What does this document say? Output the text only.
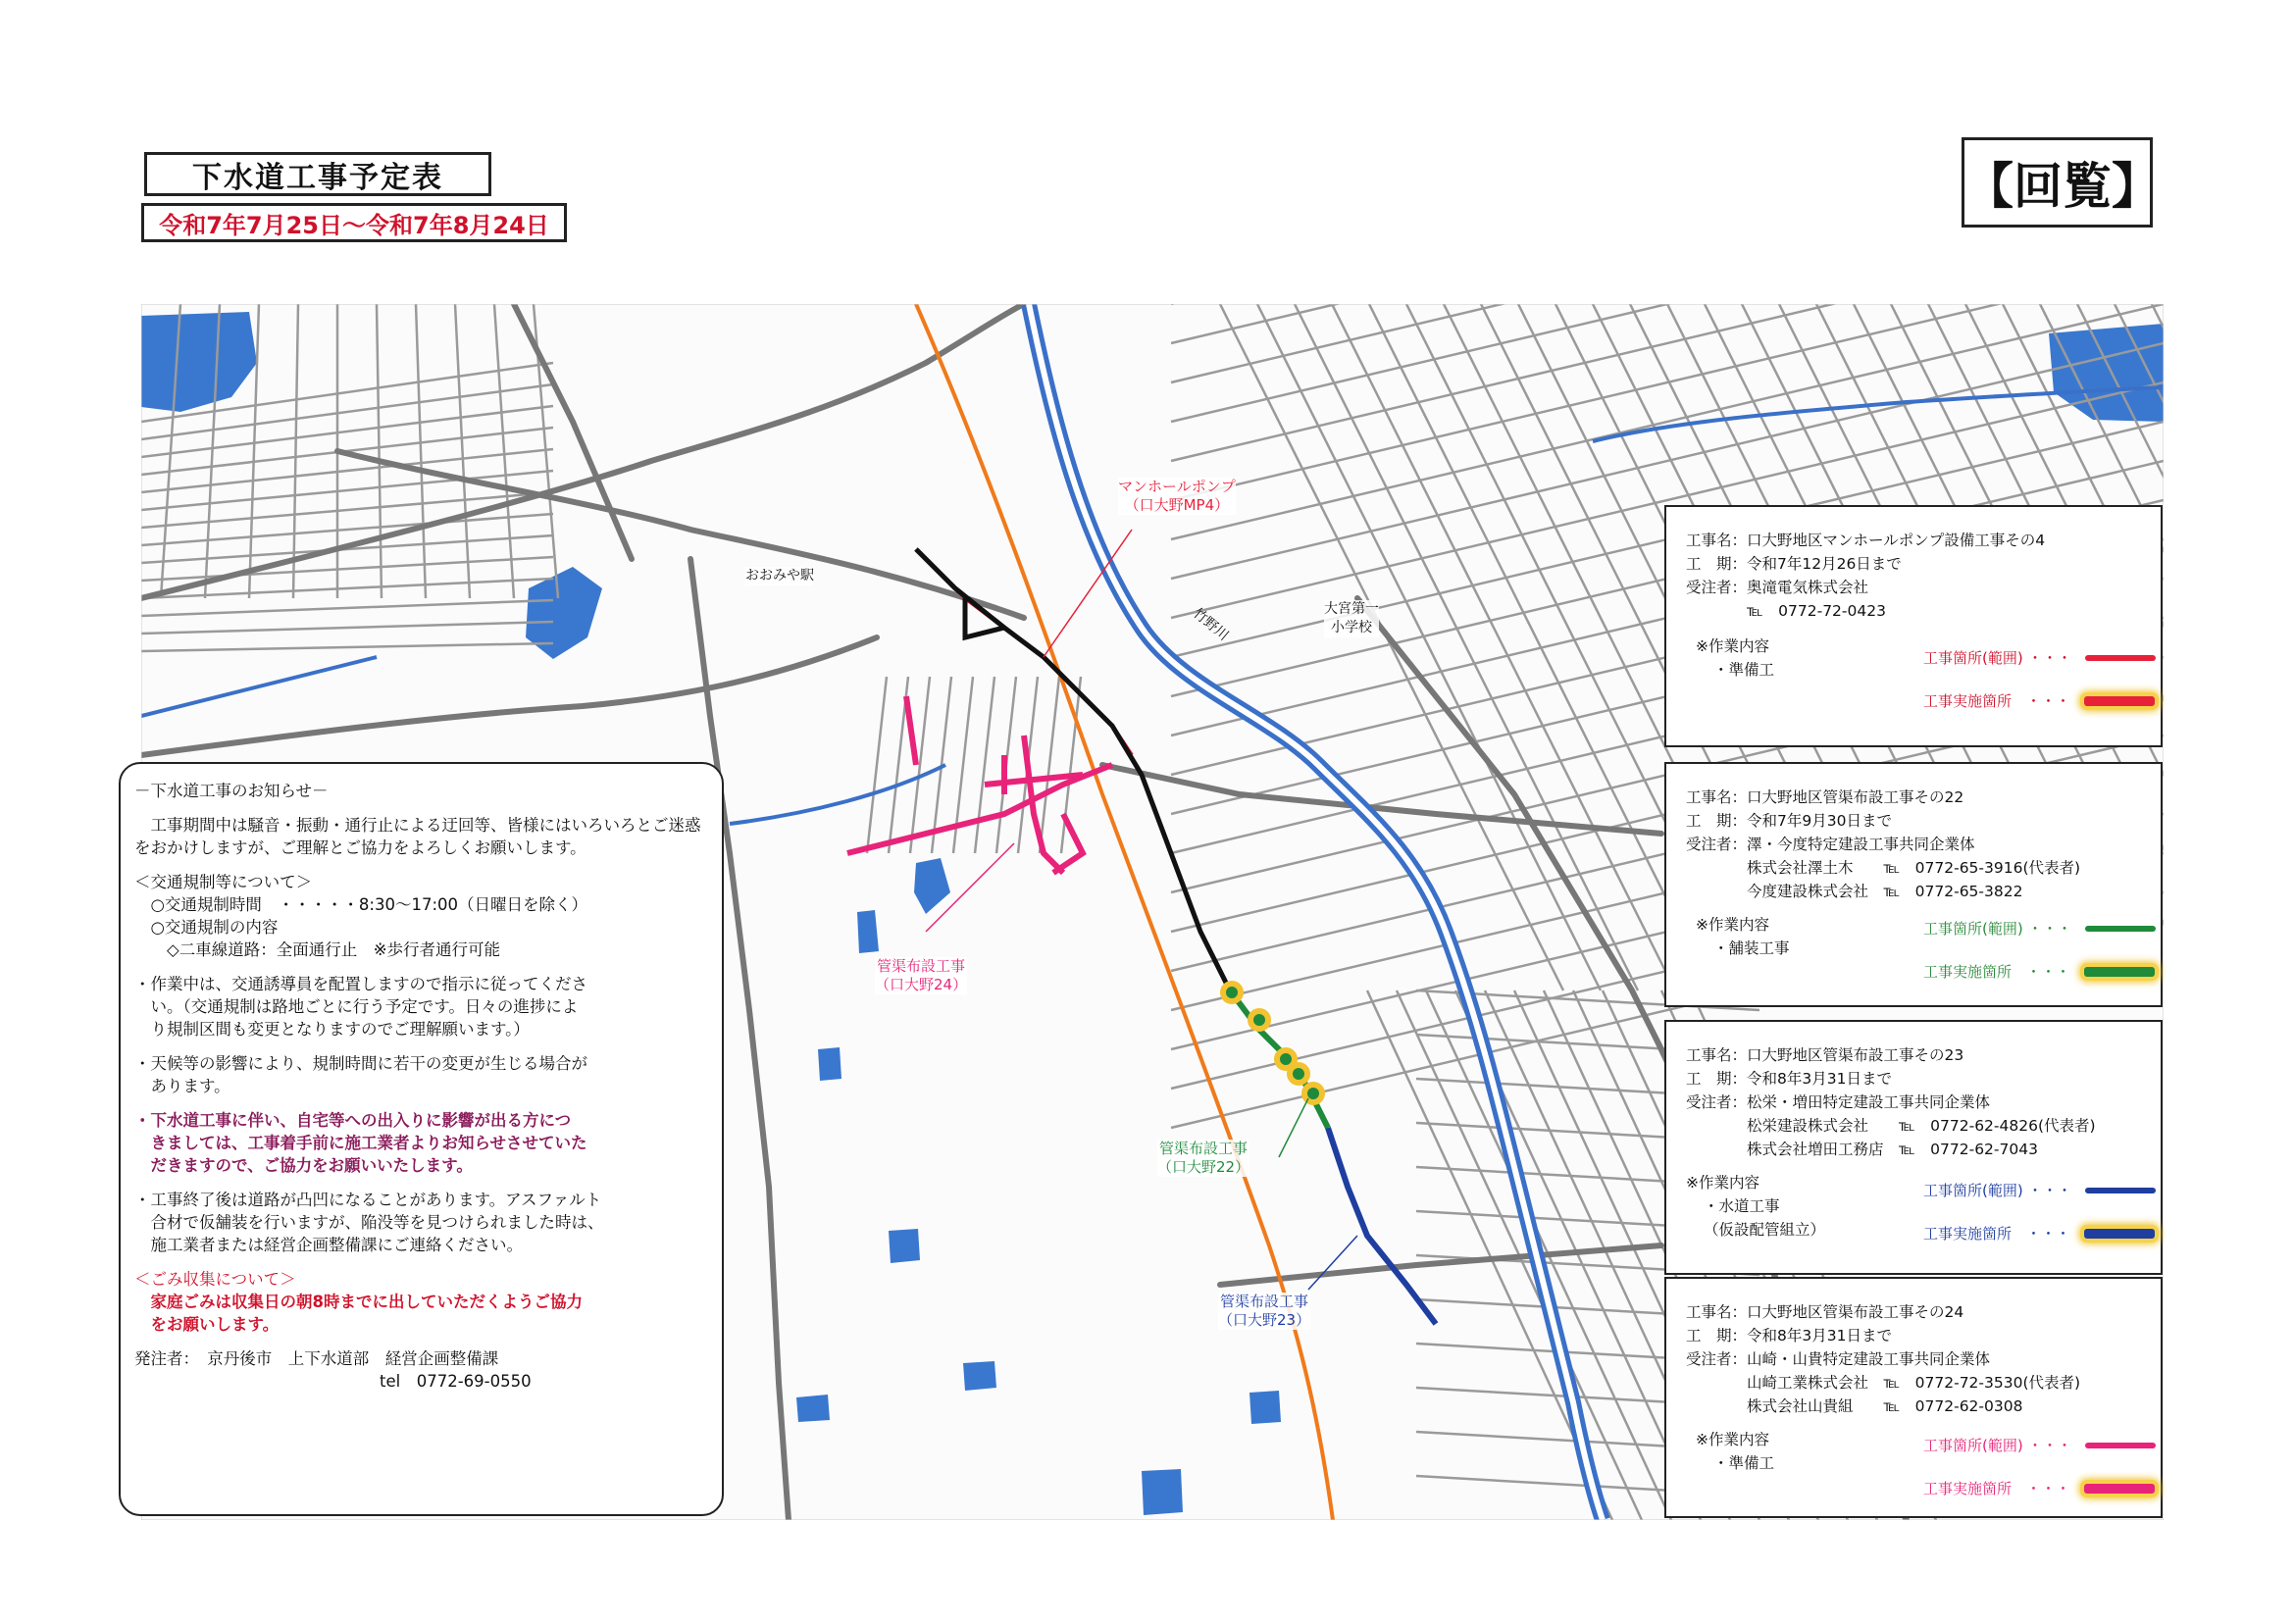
下水道工事予定表
令和7年7月25日～令和7年8月24日
【回覧】
おおみや駅
大宮第一
小学校
竹野川
マンホールポンプ
（口大野MP4）
管渠布設工事
（口大野24）
管渠布設工事
（口大野22）
管渠布設工事
（口大野23）

－下水道工事のお知らせ－

　工事期間中は騒音・振動・通行止による迂回等、皆様にはいろいろとご迷惑

をおかけしますが、ご理解とご協力をよろしくお願いします。

＜交通規制等について＞

　○交通規制時間　・・・・・8:30～17:00（日曜日を除く）

　○交通規制の内容

　　◇二車線道路：全面通行止　※歩行者通行可能

・作業中は、交通誘導員を配置しますので指示に従ってくださ

　い。（交通規制は路地ごとに行う予定です。日々の進捗によ

　り規制区間も変更となりますのでご理解願います。）

・天候等の影響により、規制時間に若干の変更が生じる場合が

　あります。

・下水道工事に伴い、自宅等への出入りに影響が出る方につ

　きましては、工事着手前に施工業者よりお知らせさせていた

　だきますので、ご協力をお願いいたします。

・工事終了後は道路が凸凹になることがあります。アスファルト

　合材で仮舗装を行いますが、陥没等を見つけられました時は、

　施工業者または経営企画整備課にご連絡ください。

＜ごみ収集について＞

　家庭ごみは収集日の朝8時までに出していただくようご協力

　をお願いします。

発注者：　京丹後市　上下水道部　経営企画整備課

tel　0772-69-0550

工事名：口大野地区マンホールポンプ設備工事その4
工　期：令和7年12月26日まで
受注者：奥滝電気株式会社
℡　0772-72-0423
※作業内容
・準備工
工事箇所(範囲) ・・・
工事実施箇所　・・・
工事名：口大野地区管渠布設工事その22
工　期：令和7年9月30日まで
受注者：澤・今度特定建設工事共同企業体
株式会社澤土木　　℡　0772-65-3916(代表者)
今度建設株式会社　℡　0772-65-3822
※作業内容
・舗装工事
工事箇所(範囲) ・・・
工事実施箇所　・・・
工事名：口大野地区管渠布設工事その23
工　期：令和8年3月31日まで
受注者：松栄・増田特定建設工事共同企業体
松栄建設株式会社　　℡　0772-62-4826(代表者)
株式会社増田工務店　℡　0772-62-7043
※作業内容
・水道工事
（仮設配管組立）
工事箇所(範囲) ・・・
工事実施箇所　・・・
工事名：口大野地区管渠布設工事その24
工　期：令和8年3月31日まで
受注者：山崎・山貴特定建設工事共同企業体
山崎工業株式会社　℡　0772-72-3530(代表者)
株式会社山貴組　　℡　0772-62-0308
※作業内容
・準備工
工事箇所(範囲) ・・・
工事実施箇所　・・・
